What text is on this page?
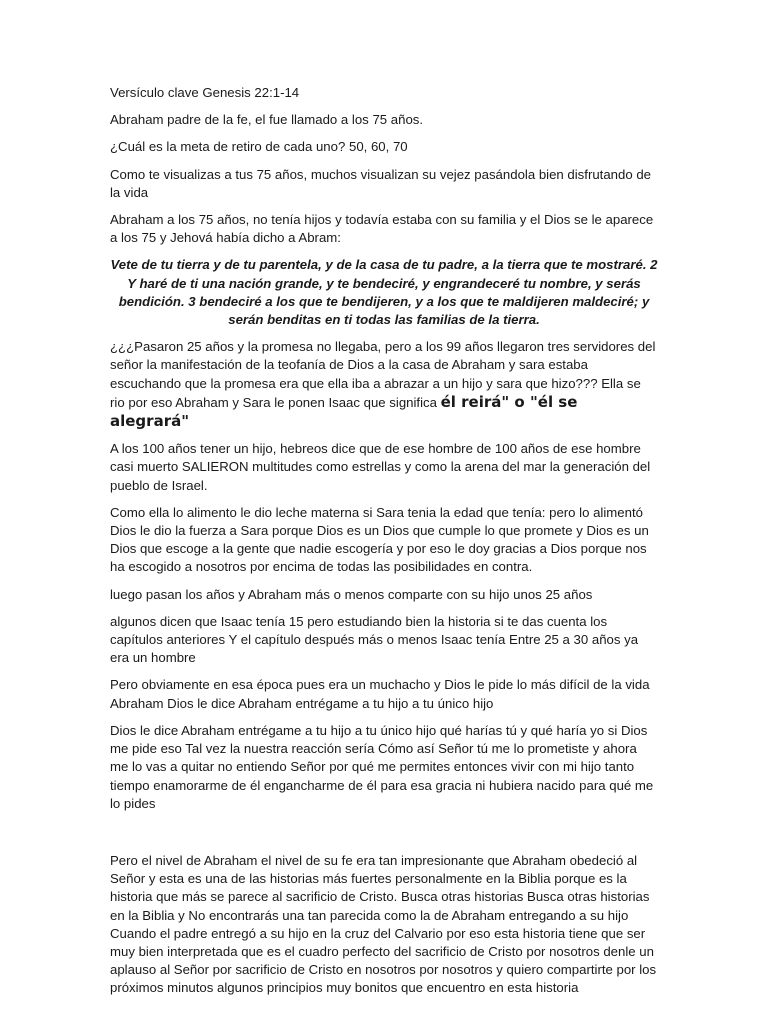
Versículo clave Genesis 22:1-14

Abraham padre de la fe, el fue llamado a los 75 años.

¿Cuál es la meta de retiro de cada uno? 50, 60, 70

Como te visualizas a tus 75 años, muchos visualizan su vejez pasándola bien disfrutando de la vida

Abraham a los 75 años, no tenía hijos y todavía estaba con su familia y el Dios se le aparece a los 75 y Jehová había dicho a Abram:

Vete de tu tierra y de tu parentela, y de la casa de tu padre, a la tierra que te mostraré. 2 Y haré de ti una nación grande, y te bendeciré, y engrandeceré tu nombre, y serás bendición. 3 bendeciré a los que te bendijeren, y a los que te maldijeren maldeciré; y serán benditas en ti todas las familias de la tierra.

¿¿¿Pasaron 25 años y la promesa no llegaba, pero a los 99 años llegaron tres servidores del señor la manifestación de la teofanía de Dios a la casa de Abraham y sara estaba escuchando que la promesa era que ella iba a abrazar a un hijo y sara que hizo??? Ella se rio por eso Abraham y Sara le ponen Isaac que significa él reirá" o "él se alegrará"

A los 100 años tener un hijo, hebreos dice que de ese hombre de 100 años de ese hombre casi muerto SALIERON multitudes como estrellas y como la arena del mar la generación del pueblo de Israel.

Como ella lo alimento le dio leche materna si Sara tenia la edad que tenía: pero lo alimentó Dios le dio la fuerza a Sara porque Dios es un Dios que cumple lo que promete y Dios es un Dios que escoge a la gente que nadie escogería y por eso le doy gracias a Dios porque nos ha escogido a nosotros por encima de todas las posibilidades en contra.

luego pasan los años y Abraham más o menos comparte con su hijo unos 25 años

algunos dicen que Isaac tenía 15 pero estudiando bien la historia si te das cuenta los capítulos anteriores Y el capítulo después más o menos Isaac tenía Entre 25 a 30 años ya era un hombre

Pero obviamente en esa época pues era un muchacho y Dios le pide lo más difícil de la vida Abraham Dios le dice Abraham entrégame a tu hijo a tu único hijo

Dios le dice Abraham entrégame a tu hijo a tu único hijo qué harías tú y qué haría yo si Dios me pide eso Tal vez la nuestra reacción sería Cómo así Señor tú me lo prometiste y ahora me lo vas a quitar no entiendo Señor por qué me permites entonces vivir con mi hijo tanto tiempo enamorarme de él engancharme de él para esa gracia ni hubiera nacido para qué me lo pides

Pero el nivel de Abraham el nivel de su fe era tan impresionante que Abraham obedeció al Señor y esta es una de las historias más fuertes personalmente en la Biblia porque es la historia que más se parece al sacrificio de Cristo. Busca otras historias Busca otras historias en la Biblia y No encontrarás una tan parecida como la de Abraham entregando a su hijo Cuando el padre entregó a su hijo en la cruz del Calvario por eso esta historia tiene que ser muy bien interpretada que es el cuadro perfecto del sacrificio de Cristo por nosotros denle un aplauso al Señor por sacrificio de Cristo en nosotros por nosotros y quiero compartirte por los próximos minutos algunos principios muy bonitos que encuentro en esta historia
